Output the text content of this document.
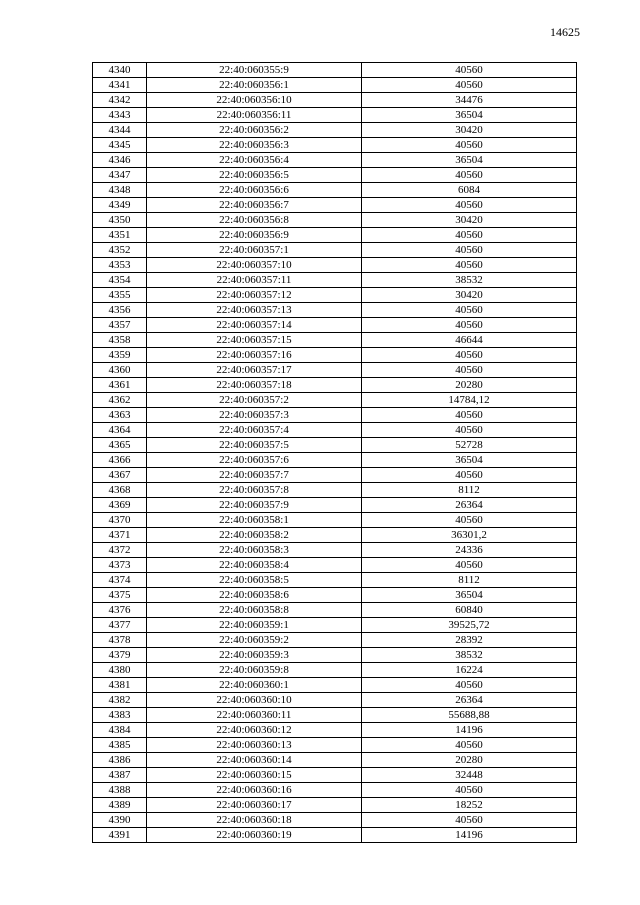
14625
4340	22:40:060355:9	40560
4341	22:40:060356:1	40560
4342	22:40:060356:10	34476
4343	22:40:060356:11	36504
4344	22:40:060356:2	30420
4345	22:40:060356:3	40560
4346	22:40:060356:4	36504
4347	22:40:060356:5	40560
4348	22:40:060356:6	6084
4349	22:40:060356:7	40560
4350	22:40:060356:8	30420
4351	22:40:060356:9	40560
4352	22:40:060357:1	40560
4353	22:40:060357:10	40560
4354	22:40:060357:11	38532
4355	22:40:060357:12	30420
4356	22:40:060357:13	40560
4357	22:40:060357:14	40560
4358	22:40:060357:15	46644
4359	22:40:060357:16	40560
4360	22:40:060357:17	40560
4361	22:40:060357:18	20280
4362	22:40:060357:2	14784,12
4363	22:40:060357:3	40560
4364	22:40:060357:4	40560
4365	22:40:060357:5	52728
4366	22:40:060357:6	36504
4367	22:40:060357:7	40560
4368	22:40:060357:8	8112
4369	22:40:060357:9	26364
4370	22:40:060358:1	40560
4371	22:40:060358:2	36301,2
4372	22:40:060358:3	24336
4373	22:40:060358:4	40560
4374	22:40:060358:5	8112
4375	22:40:060358:6	36504
4376	22:40:060358:8	60840
4377	22:40:060359:1	39525,72
4378	22:40:060359:2	28392
4379	22:40:060359:3	38532
4380	22:40:060359:8	16224
4381	22:40:060360:1	40560
4382	22:40:060360:10	26364
4383	22:40:060360:11	55688,88
4384	22:40:060360:12	14196
4385	22:40:060360:13	40560
4386	22:40:060360:14	20280
4387	22:40:060360:15	32448
4388	22:40:060360:16	40560
4389	22:40:060360:17	18252
4390	22:40:060360:18	40560
4391	22:40:060360:19	14196
